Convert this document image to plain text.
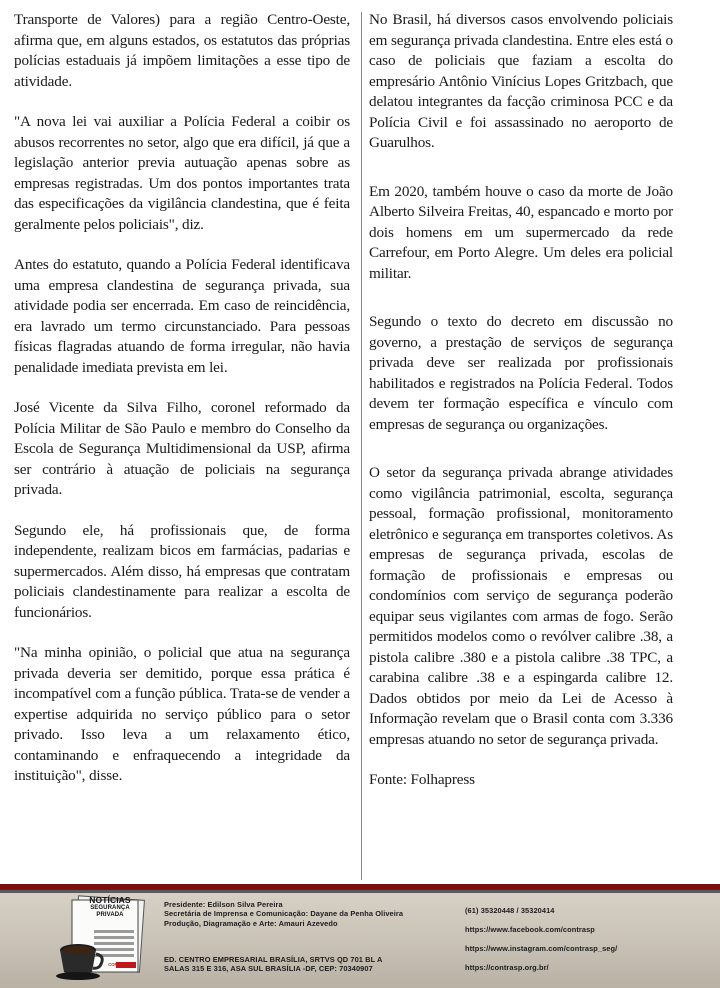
Transporte de Valores) para a região Centro-Oeste, afirma que, em alguns estados, os estatutos das próprias polícias estaduais já impõem limitações a esse tipo de atividade.

"A nova lei vai auxiliar a Polícia Federal a coibir os abusos recorrentes no setor, algo que era difícil, já que a legislação anterior previa autuação apenas sobre as empresas registradas. Um dos pontos importantes trata das especificações da vigilância clandestina, que é feita geralmente pelos policiais", diz.

Antes do estatuto, quando a Polícia Federal identificava uma empresa clandestina de segurança privada, sua atividade podia ser encerrada. Em caso de reincidência, era lavrado um termo circunstanciado. Para pessoas físicas flagradas atuando de forma irregular, não havia penalidade imediata prevista em lei.

José Vicente da Silva Filho, coronel reformado da Polícia Militar de São Paulo e membro do Conselho da Escola de Segurança Multidimensional da USP, afirma ser contrário à atuação de policiais na segurança privada.

Segundo ele, há profissionais que, de forma independente, realizam bicos em farmácias, padarias e supermercados. Além disso, há empresas que contratam policiais clandestinamente para realizar a escolta de funcionários.

"Na minha opinião, o policial que atua na segurança privada deveria ser demitido, porque essa prática é incompatível com a função pública. Trata-se de vender a expertise adquirida no serviço público para o setor privado. Isso leva a um relaxamento ético, contaminando e enfraquecendo a integridade da instituição", disse.

No Brasil, há diversos casos envolvendo policiais em segurança privada clandestina. Entre eles está o caso de policiais que faziam a escolta do empresário Antônio Vinícius Lopes Gritzbach, que delatou integrantes da facção criminosa PCC e da Polícia Civil e foi assassinado no aeroporto de Guarulhos.

Em 2020, também houve o caso da morte de João Alberto Silveira Freitas, 40, espancado e morto por dois homens em um supermercado da rede Carrefour, em Porto Alegre. Um deles era policial militar.

Segundo o texto do decreto em discussão no governo, a prestação de serviços de segurança privada deve ser realizada por profissionais habilitados e registrados na Polícia Federal. Todos devem ter formação específica e vínculo com empresas de segurança ou organizações.

O setor da segurança privada abrange atividades como vigilância patrimonial, escolta, segurança pessoal, formação profissional, monitoramento eletrônico e segurança em transportes coletivos. As empresas de segurança privada, escolas de formação de profissionais e empresas ou condomínios com serviço de segurança poderão equipar seus vigilantes com armas de fogo. Serão permitidos modelos como o revólver calibre .38, a pistola calibre .380 e a pistola calibre .38 TPC, a carabina calibre .38 e a espingarda calibre 12. Dados obtidos por meio da Lei de Acesso à Informação revelam que o Brasil conta com 3.336 empresas atuando no setor de segurança privada.

Fonte: Folhapress

NOTÍCIAS
SEGURANÇA
PRIVADA
CONTRASP
Presidente: Edilson Silva Pereira
Secretária de Imprensa e Comunicação: Dayane da Penha Oliveira
Produção, Diagramação e Arte: Amauri Azevedo
ED. CENTRO EMPRESARIAL BRASÍLIA, SRTVS QD 701 BL A
SALAS 315 E 316, ASA SUL BRASÍLIA -DF, CEP: 70340907
(61) 35320448 / 35320414
https://www.facebook.com/contrasp
https://www.instagram.com/contrasp_seg/
https://contrasp.org.br/
